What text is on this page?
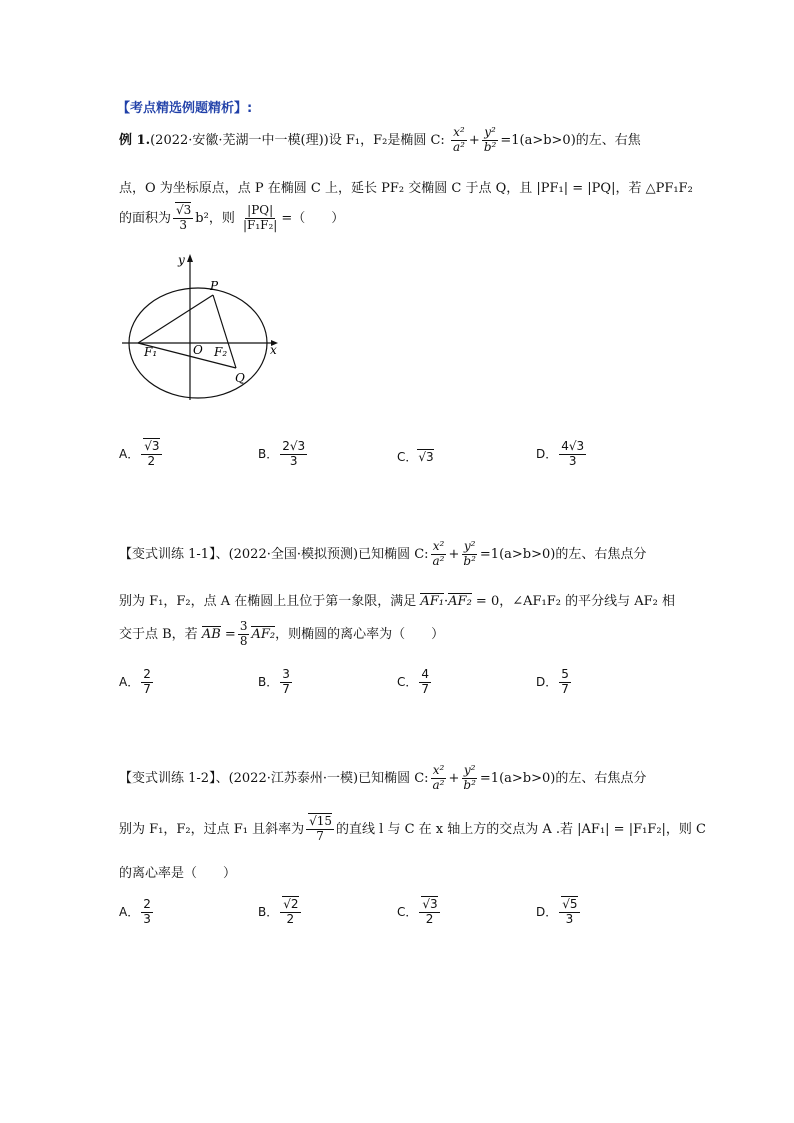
【考点精选例题精析】:
例 1.(2022·安徽·芜湖一中一模(理))设 F₁，F₂是椭圆 C: $\frac{\text{x²}}{\text{a²}} + \frac{\text{y²}}{\text{b²}} =1(a>b>0)$的左、右焦
点，O 为坐标原点，点 P 在椭圆 C 上，延长 PF₂ 交椭圆 C 于点 Q，且 |PF₁| = |PQ|，若 △PF₁F₂
的面积为 $\frac{√3}{3} b^2$，则 $\frac{|PQ|}{\text{|F₁F₂|}}$ =（　　）
y
x
P
O
F₁	F₂
Q
A． $\frac{√3}{2}$	B． $\frac{2√3}{3}$	C．√3	D． $\frac{4√3}{3}$
【变式训练 1-1】、(2022·全国·模拟预测)已知椭圆 C: $\frac{\text{x²}}{\text{a²}} + \frac{\text{y²}}{\text{b²}} =1(a>b>0)$的左、右焦点分
别为 F₁，F₂，点 A 在椭圆上且位于第一象限，满足 AF₁·AF₂ = 0，∠AF₁F₂ 的平分线与 AF₂ 相
交于点 B，若 AB = $\frac{3}{8} AF_2$，则椭圆的离心率为（　　）
A． $\frac{2}{7}$	B． $\frac{3}{7}$	C． $\frac{4}{7}$	D． $\frac{5}{7}$
【变式训练 1-2】、(2022·江苏泰州·一模)已知椭圆 C: $\frac{\text{x²}}{\text{a²}} + \frac{\text{y²}}{\text{b²}} =1(a>b>0)$的左、右焦点分
别为 F₁，F₂，过点 F₁ 且斜率为 $\frac{√15}{7}$ 的直线 l 与 C 在 x 轴上方的交点为 A .若 |AF₁| = |F₁F₂|，则 C
的离心率是（　　）
A． $\frac{2}{3}$	B． $\frac{√2}{2}$	C． $\frac{√3}{2}$	D． $\frac{√5}{3}$
